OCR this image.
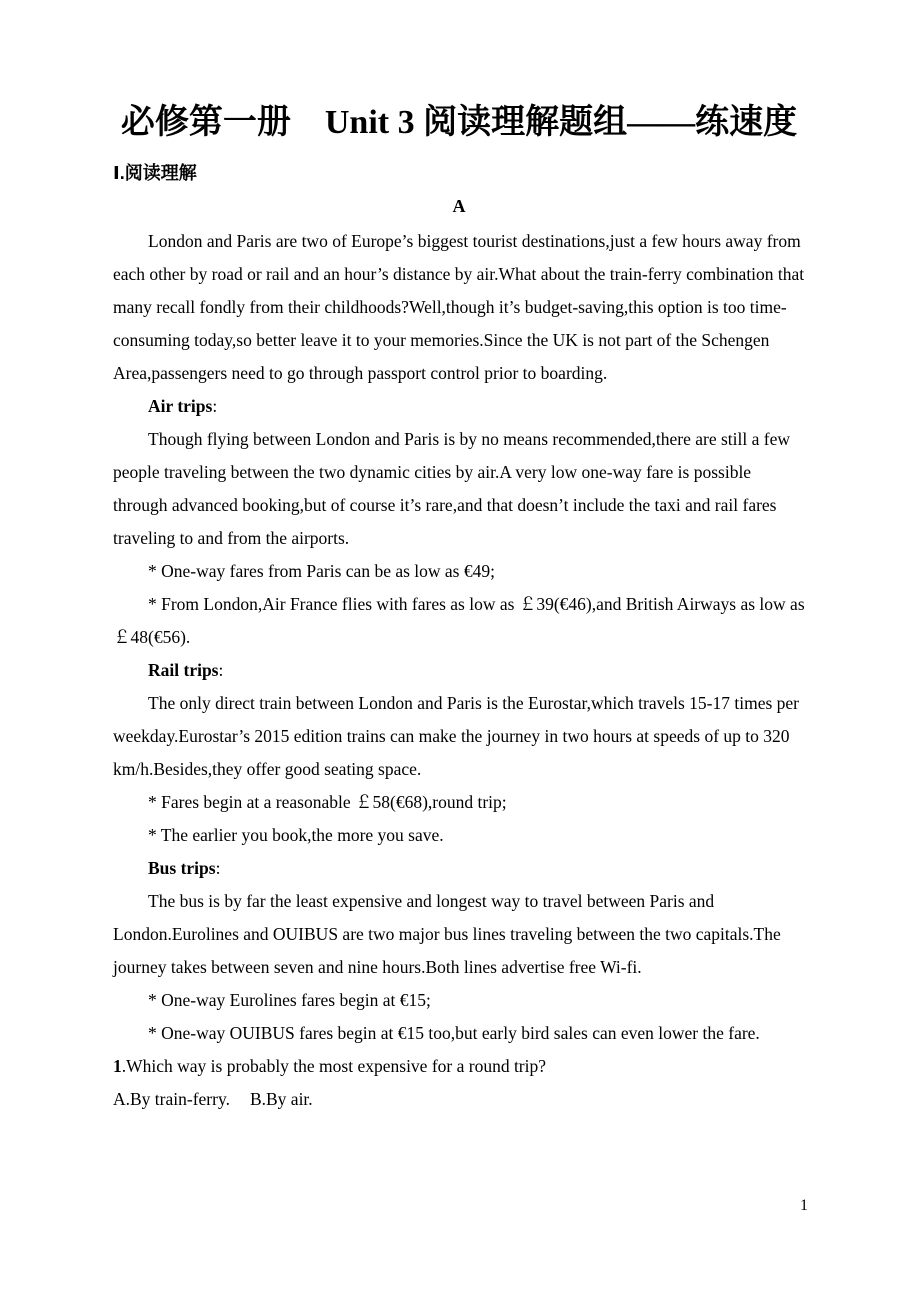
必修第一册　Unit 3 阅读理解题组——练速度
Ⅰ.阅读理解
A
London and Paris are two of Europe’s biggest tourist destinations,just a few hours away from each other by road or rail and an hour’s distance by air.What about the train-ferry combination that many recall fondly from their childhoods?Well,though it’s budget-saving,this option is too time-consuming today,so better leave it to your memories.Since the UK is not part of the Schengen Area,passengers need to go through passport control prior to boarding.
Air trips:
Though flying between London and Paris is by no means recommended,there are still a few people traveling between the two dynamic cities by air.A very low one-way fare is possible through advanced booking,but of course it’s rare,and that doesn’t include the taxi and rail fares traveling to and from the airports.
* One-way fares from Paris can be as low as €49;
* From London,Air France flies with fares as low as ￡39(€46),and British Airways as low as ￡48(€56).
Rail trips:
The only direct train between London and Paris is the Eurostar,which travels 15-17 times per weekday.Eurostar’s 2015 edition trains can make the journey in two hours at speeds of up to 320 km/h.Besides,they offer good seating space.
* Fares begin at a reasonable ￡58(€68),round trip;
* The earlier you book,the more you save.
Bus trips:
The bus is by far the least expensive and longest way to travel between Paris and London.Eurolines and OUIBUS are two major bus lines traveling between the two capitals.The journey takes between seven and nine hours.Both lines advertise free Wi-fi.
* One-way Eurolines fares begin at €15;
* One-way OUIBUS fares begin at €15 too,but early bird sales can even lower the fare.
1.Which way is probably the most expensive for a round trip?
A.By train-ferry. B.By air.
1
